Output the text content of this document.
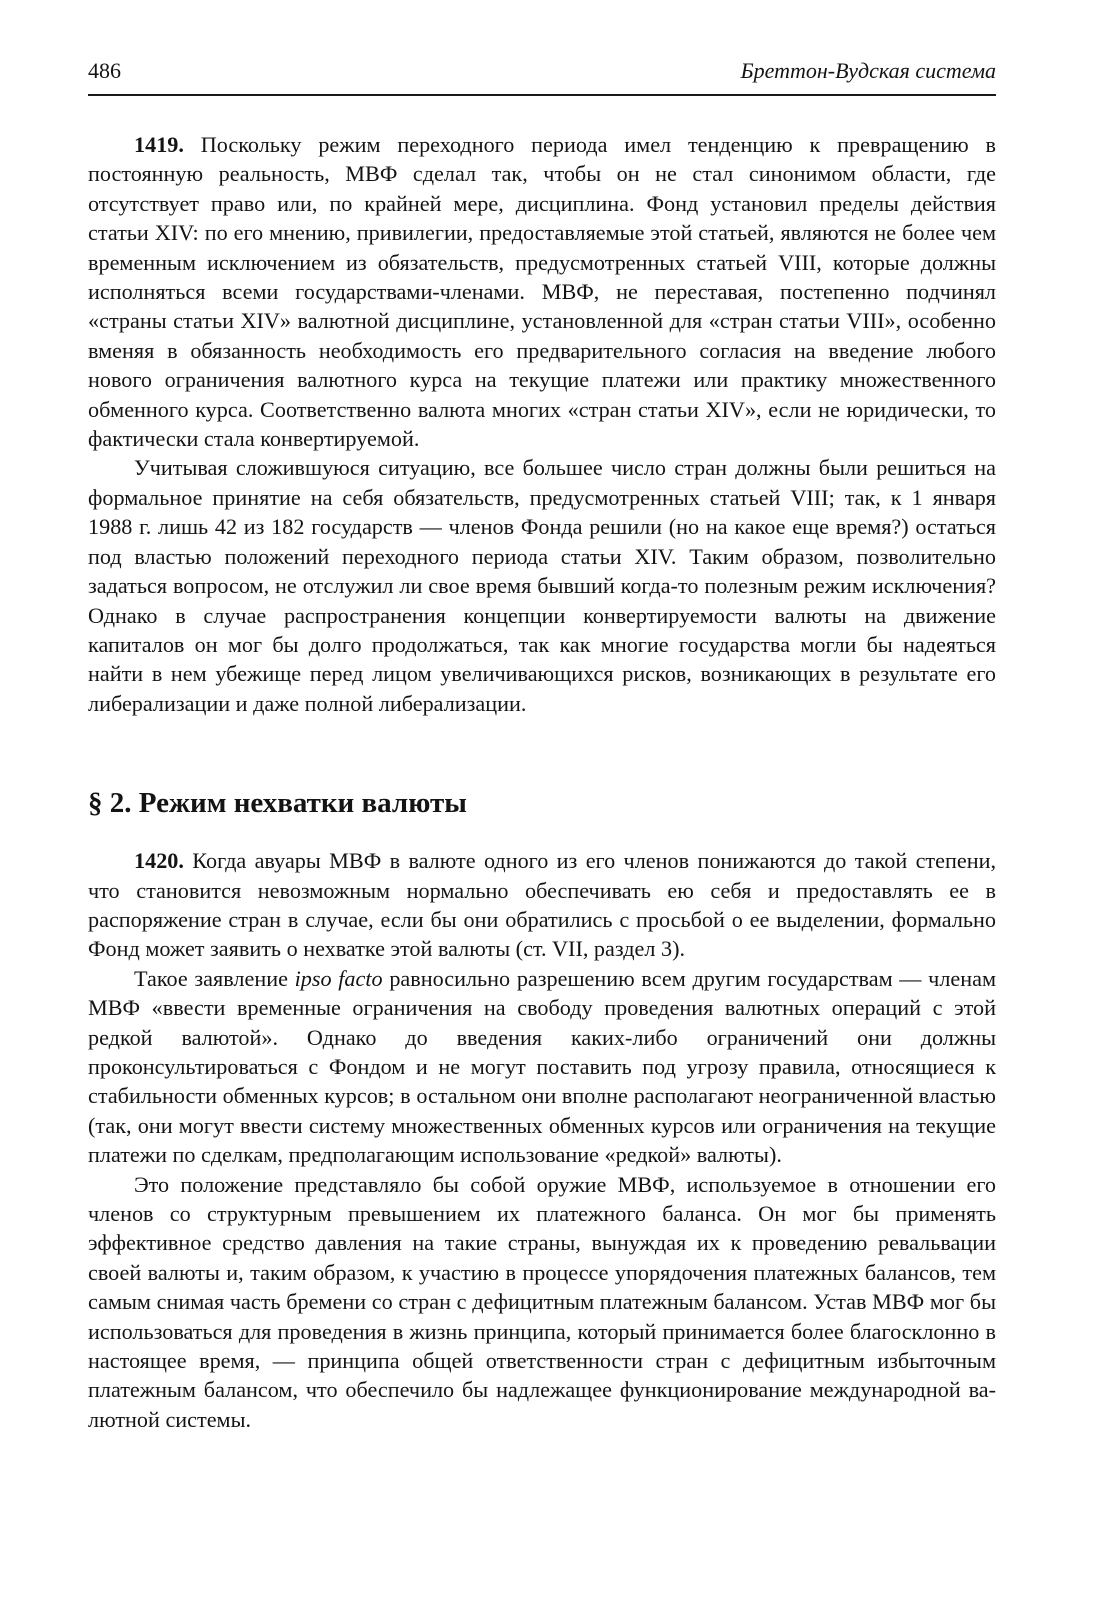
486	Бреттон-Вудская система

1419. Поскольку режим переходного периода имел тенденцию к превращению в постоянную реальность, МВФ сделал так, чтобы он не стал синонимом области, где отсутствует право или, по крайней мере, дисциплина. Фонд установил пределы действия статьи XIV: по его мнению, привилегии, предоставляемые этой статьей, являются не более чем временным исключением из обязательств, предусмотренных статьей VIII, которые должны исполняться всеми государствами-членами. МВФ, не переставая, постепенно подчинял «страны статьи XIV» валютной дисциплине, установленной для «стран статьи VIII», особенно вменяя в обязанность необходимость его предварительного согласия на введение любого нового ограничения валютного курса на текущие платежи или практику множественного обменного курса. Соответственно валюта многих «стран статьи XIV», если не юридически, то фактически стала конвертируемой.

Учитывая сложившуюся ситуацию, все большее число стран должны были решиться на формальное принятие на себя обязательств, предусмотренных статьей VIII; так, к 1 января 1988 г. лишь 42 из 182 государств — членов Фонда решили (но на какое еще время?) остаться под властью положений переходного периода статьи XIV. Таким образом, позволительно задаться вопросом, не отслужил ли свое время бывший когда-то полезным режим исключения? Однако в случае распространения концепции конвертируемости валюты на движение капиталов он мог бы долго продолжаться, так как многие государства могли бы надеяться найти в нем убежище перед лицом увеличивающихся рисков, возникающих в результате его либерализации и даже полной либерализации.

§ 2. Режим нехватки валюты

1420. Когда авуары МВФ в валюте одного из его членов понижаются до такой степени, что становится невозможным нормально обеспечивать ею себя и предоставлять ее в распоряжение стран в случае, если бы они обратились с просьбой о ее выделении, формально Фонд может заявить о нехватке этой валюты (ст. VII, раздел 3).

Такое заявление ipso facto равносильно разрешению всем другим государствам — членам МВФ «ввести временные ограничения на свободу проведения валютных операций с этой редкой валютой». Однако до введения каких-либо ограничений они должны проконсультироваться с Фондом и не могут поставить под угрозу правила, относящиеся к стабильности обменных курсов; в остальном они вполне располагают неограниченной властью (так, они могут ввести систему множественных обменных курсов или ограничения на текущие платежи по сделкам, предполагающим использование «редкой» валюты).

Это положение представляло бы собой оружие МВФ, используемое в отношении его членов со структурным превышением их платежного баланса. Он мог бы применять эффективное средство давления на такие страны, вынуждая их к проведению ревальвации своей валюты и, таким образом, к участию в процессе упорядочения платежных балансов, тем самым снимая часть бремени со стран с дефицитным платежным балансом. Устав МВФ мог бы использоваться для проведения в жизнь принципа, который принимается более благосклонно в настоящее время, — принципа общей ответственности стран с дефицитным избыточным платежным балансом, что обеспечило бы надлежащее функционирование международной валютной системы.
